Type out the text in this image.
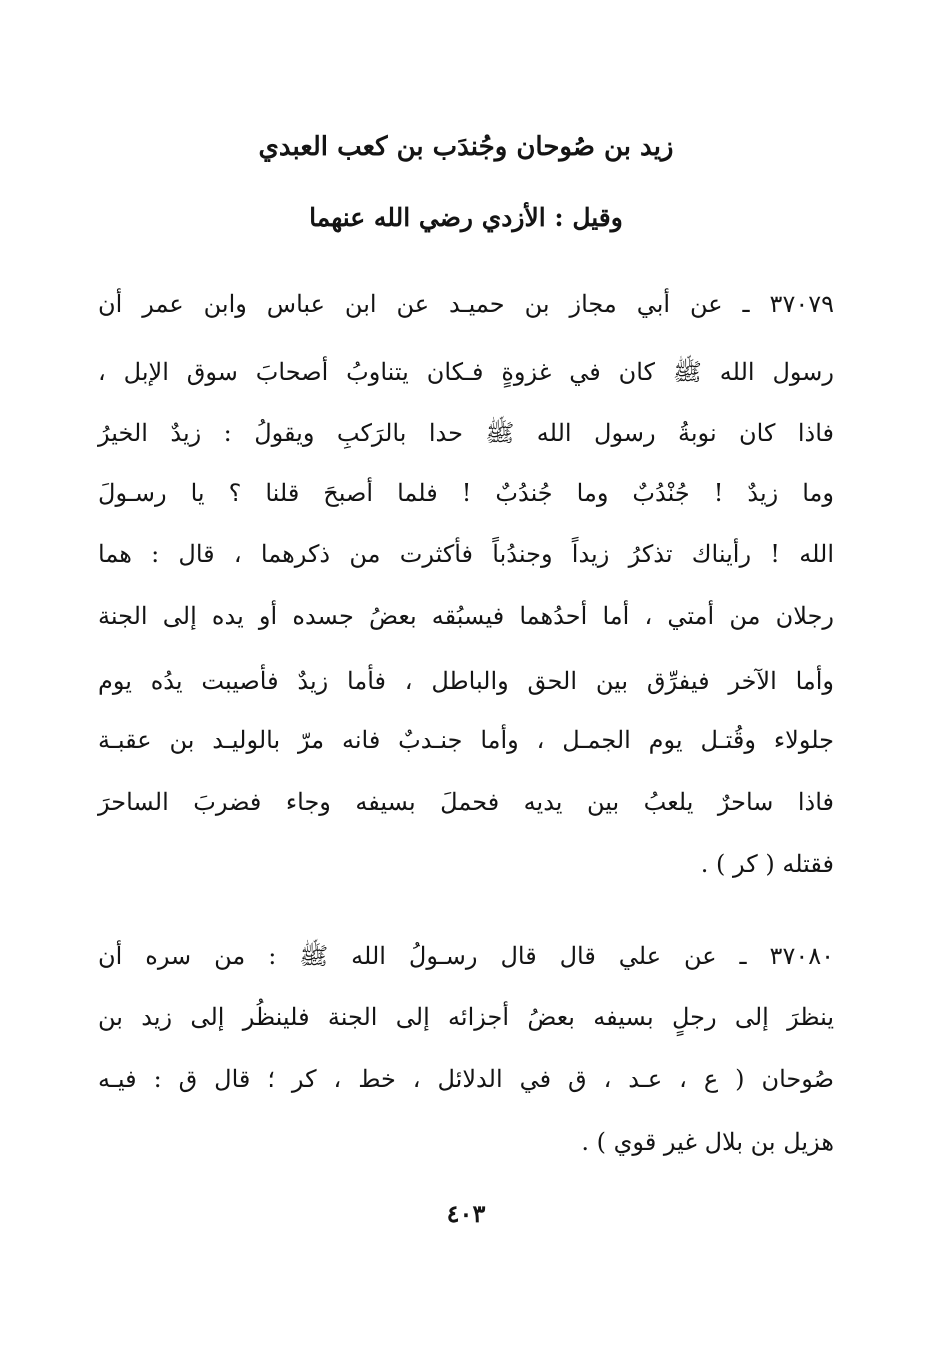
زيد بن صُوحان وجُندَب بن كعب العبدي
وقيل : الأزدي رضي الله عنهما
٣٧٠٧٩ ـ عن أبي مجاز بن حميـد عن ابن عباس وابن عمر أن
رسول الله ﷺ كان في غزوةٍ فـكان يتناوبُ أصحابَ سوق الإبل ،
فاذا كان نوبةُ رسول الله ﷺ حدا بالرَكبِ ويقولُ : زيدٌ الخيرُ
وما زيدٌ ! جُنْدُبٌ وما جُندُبٌ ! فلما أصبحَ قلنا ؟ يا رسـولَ
الله ! رأيناك تذكرُ زيداً وجندُباً فأكثرت من ذكرهما ، قال : هما
رجلان من أمتي ، أما أحدُهما فيسبُقه بعضُ جسده أو يده إلى الجنة
وأما الآخر فيفرِّق بين الحق والباطل ، فأما زيدٌ فأصيبت يدُه يوم
جلولاء وقُتـل يوم الجمـل ، وأما جنـدبٌ فانه مرّ بالوليـد بن عقبـة
فاذا ساحرٌ يلعبُ بين يديه فحملَ بسيفه وجاء فضربَ الساحرَ
فقتله ( كر ) .
٣٧٠٨٠ ـ عن علي قال قال رسـولُ الله ﷺ : من سره أن
ينظرَ إلى رجلٍ بسيفه بعضُ أجزائه إلى الجنة فلينظُر إلى زيد بن
صُوحان ( ع ، عـد ، ق في الدلائل ، خط ، كر ؛ قال ق : فيـه
هزيل بن بلال غير قوي ) .
٤٠٣
